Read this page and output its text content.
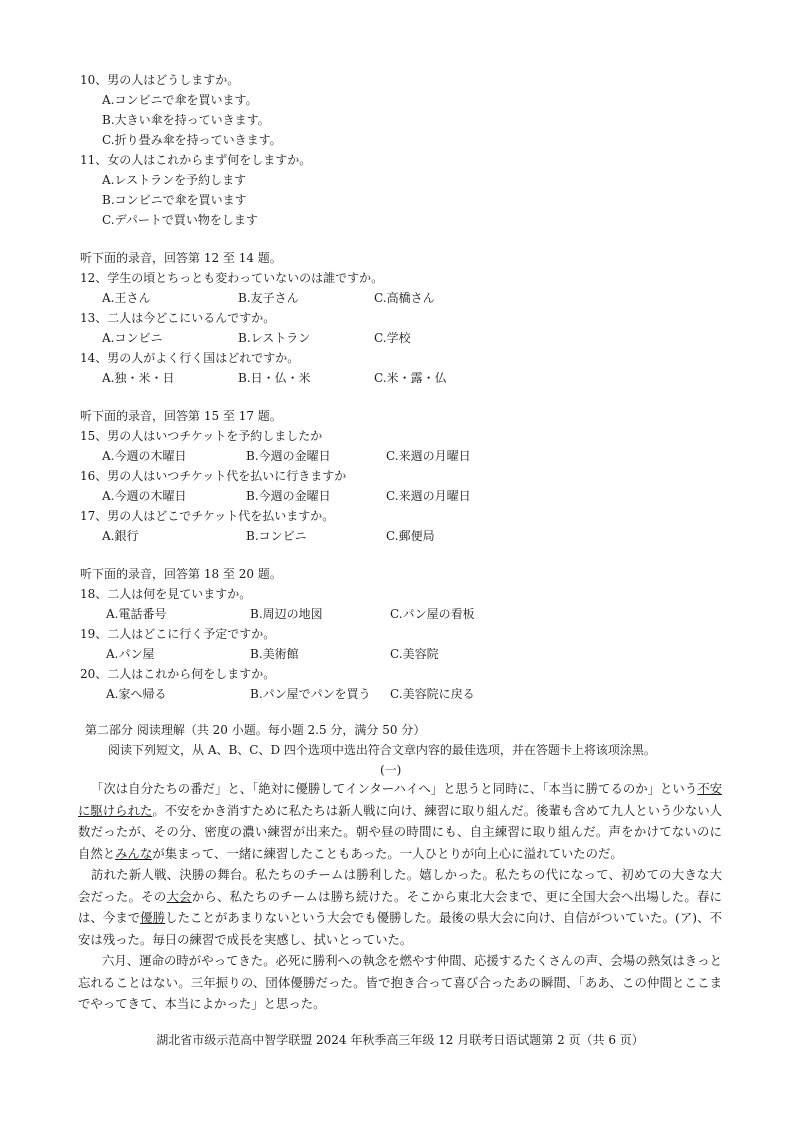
10、男の人はどうしますか。
A.コンビニで傘を買います。
B.大きい傘を持っていきます。
C.折り畳み傘を持っていきます。
11、女の人はこれからまず何をしますか。
A.レストランを予約します
B.コンビニで傘を買います
C.デパートで買い物をします
听下面的录音，回答第 12 至 14 题。
12、学生の頃とちっとも変わっていないのは誰ですか。
A.王さん	B.友子さん	C.高橋さん
13、二人は今どこにいるんですか。
A.コンビニ	B.レストラン	C.学校
14、男の人がよく行く国はどれですか。
A.独・米・日	B.日・仏・米	C.米・露・仏
听下面的录音，回答第 15 至 17 题。
15、男の人はいつチケットを予約しましたか
A.今週の木曜日	B.今週の金曜日	C.来週の月曜日
16、男の人はいつチケット代を払いに行きますか
A.今週の木曜日	B.今週の金曜日	C.来週の月曜日
17、男の人はどこでチケット代を払いますか。
A.銀行	B.コンビニ	C.郵便局
听下面的录音，回答第 18 至 20 题。
18、二人は何を見ていますか。
A.電話番号	B.周辺の地図	C.パン屋の看板
19、二人はどこに行く予定ですか。
A.パン屋	B.美術館	C.美容院
20、二人はこれから何をしますか。
A.家へ帰る	B.パン屋でパンを買う C.美容院に戻る
第二部分 阅读理解（共 20 小题。每小题 2.5 分，满分 50 分）
阅读下列短文，从 A、B、C、D 四个选项中选出符合文章内容的最佳选项，并在答题卡上将该项涂黑。
(一)

「次は自分たちの番だ」と、「絶対に優勝してインターハイへ」と思うと同時に、「本当に勝てるのか」という不安に駆けられた。不安をかき消すために私たちは新人戦に向け、練習に取り組んだ。後輩も含めて九人という少ない人数だったが、その分、密度の濃い練習が出来た。朝や昼の時間にも、自主練習に取り組んだ。声をかけてないのに自然とみんなが集まって、一緒に練習したこともあった。一人ひとりが向上心に溢れていたのだ。

訪れた新人戦、決勝の舞台。私たちのチームは勝利した。嬉しかった。私たちの代になって、初めての大きな大会だった。その大会から、私たちのチームは勝ち続けた。そこから東北大会まで、更に全国大会へ出場した。春には、今まで優勝したことがあまりないという大会でも優勝した。最後の県大会に向け、自信がついていた。(ア)、不安は残った。毎日の練習で成長を実感し、拭いとっていた。

六月、運命の時がやってきた。必死に勝利への執念を燃やす仲間、応援するたくさんの声、会場の熱気はきっと忘れることはない。三年振りの、団体優勝だった。皆で抱き合って喜び合ったあの瞬間、「ああ、この仲間とここまでやってきて、本当によかった」と思った。

湖北省市级示范高中智学联盟 2024 年秋季高三年级 12 月联考日语试题第 2 页（共 6 页）
